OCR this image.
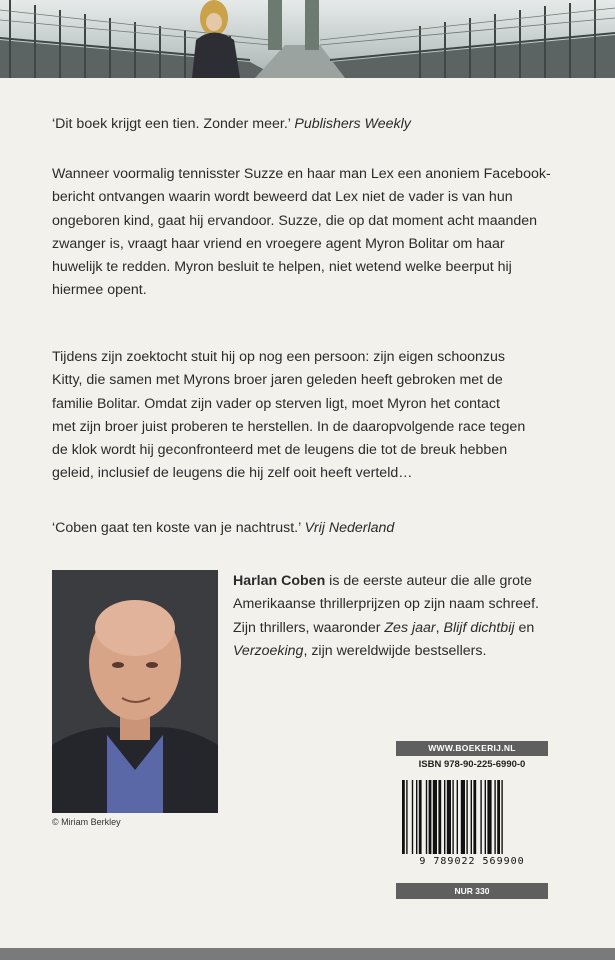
‘Dit boek krijgt een tien. Zonder meer.’ Publishers Weekly

Wanneer voormalig tennisster Suzze en haar man Lex een anoniem Facebook-

bericht ontvangen waarin wordt beweerd dat Lex niet de vader is van hun

ongeboren kind, gaat hij ervandoor. Suzze, die op dat moment acht maanden

zwanger is, vraagt haar vriend en vroegere agent Myron Bolitar om haar

huwelijk te redden. Myron besluit te helpen, niet wetend welke beerput hij

hiermee opent.

Tijdens zijn zoektocht stuit hij op nog een persoon: zijn eigen schoonzus

Kitty, die samen met Myrons broer jaren geleden heeft gebroken met de

familie Bolitar. Omdat zijn vader op sterven ligt, moet Myron het contact

met zijn broer juist proberen te herstellen. In de daaropvolgende race tegen

de klok wordt hij geconfronteerd met de leugens die tot de breuk hebben

geleid, inclusief de leugens die hij zelf ooit heeft verteld…

‘Coben gaat ten koste van je nachtrust.’ Vrij Nederland
© Miriam Berkley
Harlan Coben is de eerste auteur die alle grote Amerikaanse thrillerprijzen op zijn naam schreef. Zijn thrillers, waaronder Zes jaar, Blijf dichtbij en Verzoeking, zijn wereldwijde bestsellers.
WWW.BOEKERIJ.NL
ISBN 978-90-225-6990-0
9 789022 569900
NUR 330
